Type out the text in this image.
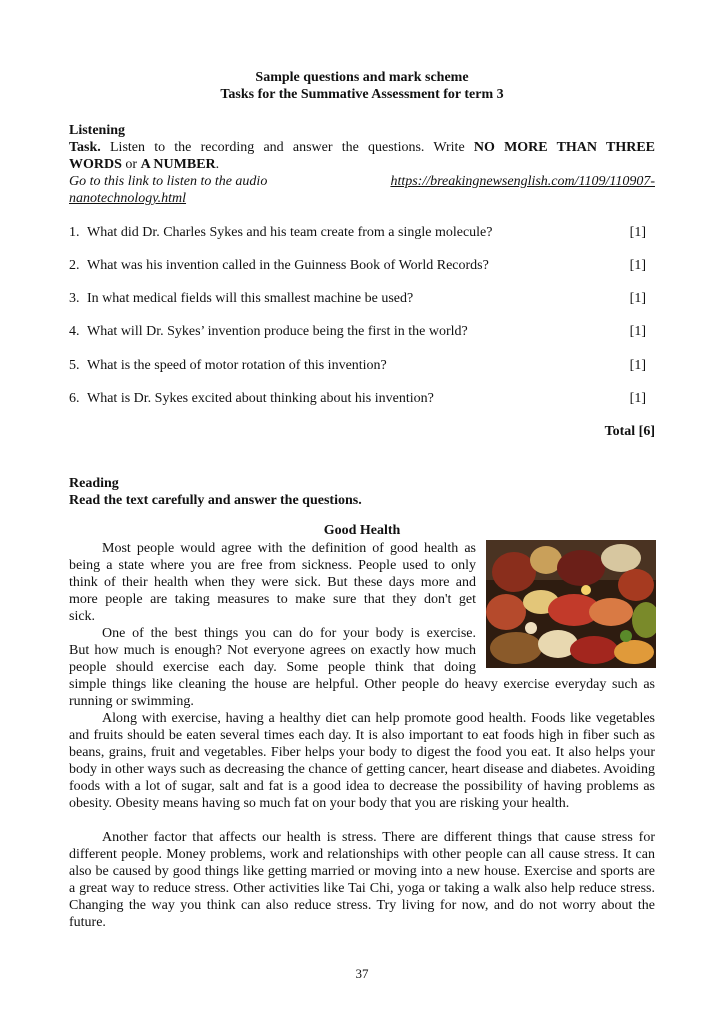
Sample questions and mark scheme
Tasks for the Summative Assessment for term 3
Listening
Task. Listen to the recording and answer the questions. Write NO MORE THAN THREE
WORDS or A NUMBER.
Go to this link to listen to the audio	https://breakingnewsenglish.com/1109/110907-
nanotechnology.html
1. What did Dr. Charles Sykes and his team create from a single molecule?	[1]
2. What was his invention called in the Guinness Book of World Records?	[1]
3. In what medical fields will this smallest machine be used?	[1]
4. What will Dr. Sykes’ invention produce being the first in the world?	[1]
5. What is the speed of motor rotation of this invention?	[1]
6. What is Dr. Sykes excited about thinking about his invention?	[1]
Total [6]
Reading
Read the text carefully and answer the questions.
Good Health
Most people would agree with the definition of good health as
being a state where you are free from sickness. People used to only
think of their health when they were sick. But these days more and
more people are taking measures to make sure that they don't get
sick.
One of the best things you can do for your body is exercise.
But how much is enough? Not everyone agrees on exactly how much
people should exercise each day. Some people think that doing
simple things like cleaning the house are helpful. Other people do heavy exercise everyday such as running or swimming.
Along with exercise, having a healthy diet can help promote good health. Foods like vegetables and fruits should be eaten several times each day. It is also important to eat foods high in fiber such as beans, grains, fruit and vegetables. Fiber helps your body to digest the food you eat. It also helps your body in other ways such as decreasing the chance of getting cancer, heart disease and diabetes. Avoiding foods with a lot of sugar, salt and fat is a good idea to decrease the possibility of having problems as obesity. Obesity means having so much fat on your body that you are risking your health.
Another factor that affects our health is stress. There are different things that cause stress for different people. Money problems, work and relationships with other people can all cause stress. It can also be caused by good things like getting married or moving into a new house. Exercise and sports are a great way to reduce stress. Other activities like Tai Chi, yoga or taking a walk also help reduce stress. Changing the way you think can also reduce stress. Try living for now, and do not worry about the future.
37
